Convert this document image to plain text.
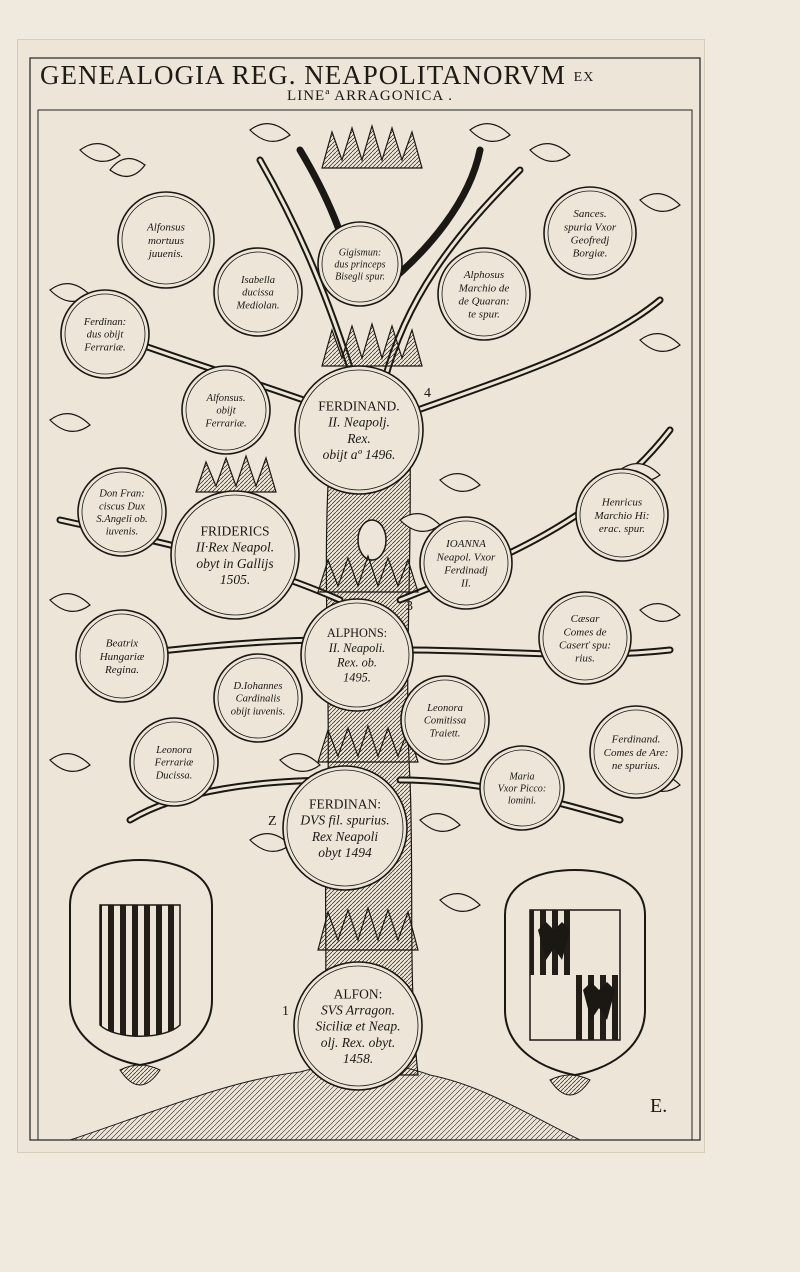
GENEALOGIA REG. NEAPOLITANORVM EX
LINEª ARRAGONICA .
1
Z
3
4
E.
ALFON:
SVS Arragon.
Siciliæ et Neap.
olj. Rex. obyt.
1458.
FERDINAN:
DVS fil. spurius.
Rex Neapoli
obyt 1494
ALPHONS:
II. Neapoli.
Rex. ob.
1495.
FERDINAND.
II. Neapolj.
Rex.
obijt aº 1496.
FRIDERICS
II·Rex Neapol.
obyt in Gallijs
1505.
Alfonsus
mortuus
juuenis.
Isabella
ducissa
Mediolan.
Gigismun:
dus princeps
Bisegli spur.	Alphosus
Marchio de
de Quaran:
te spur.
Sances.
spuria Vxor
Geofredj
Borgiæ.
Ferdinan:
dus obijt
Ferrariæ.
Alfonsus.
obijt
Ferrariæ.
Don Fran:
ciscus Dux
S.Angeli ob.
iuvenis.
Henricus
Marchio Hi:
erac. spur.
IOANNA
Neapol. Vxor
Ferdinadj
II.
Cæsar
Comes de
Caserť spu:
rius.
Beatrix
Hungariæ
Regina.
D.Iohannes
Cardinalis
obijt iuvenis.	Leonora
Comitissa
Traiett.	Ferdinand.
Comes de Are:
ne spurius.
Leonora
Ferrariæ
Ducissa.	Maria
Vxor Picco:
lomini.
